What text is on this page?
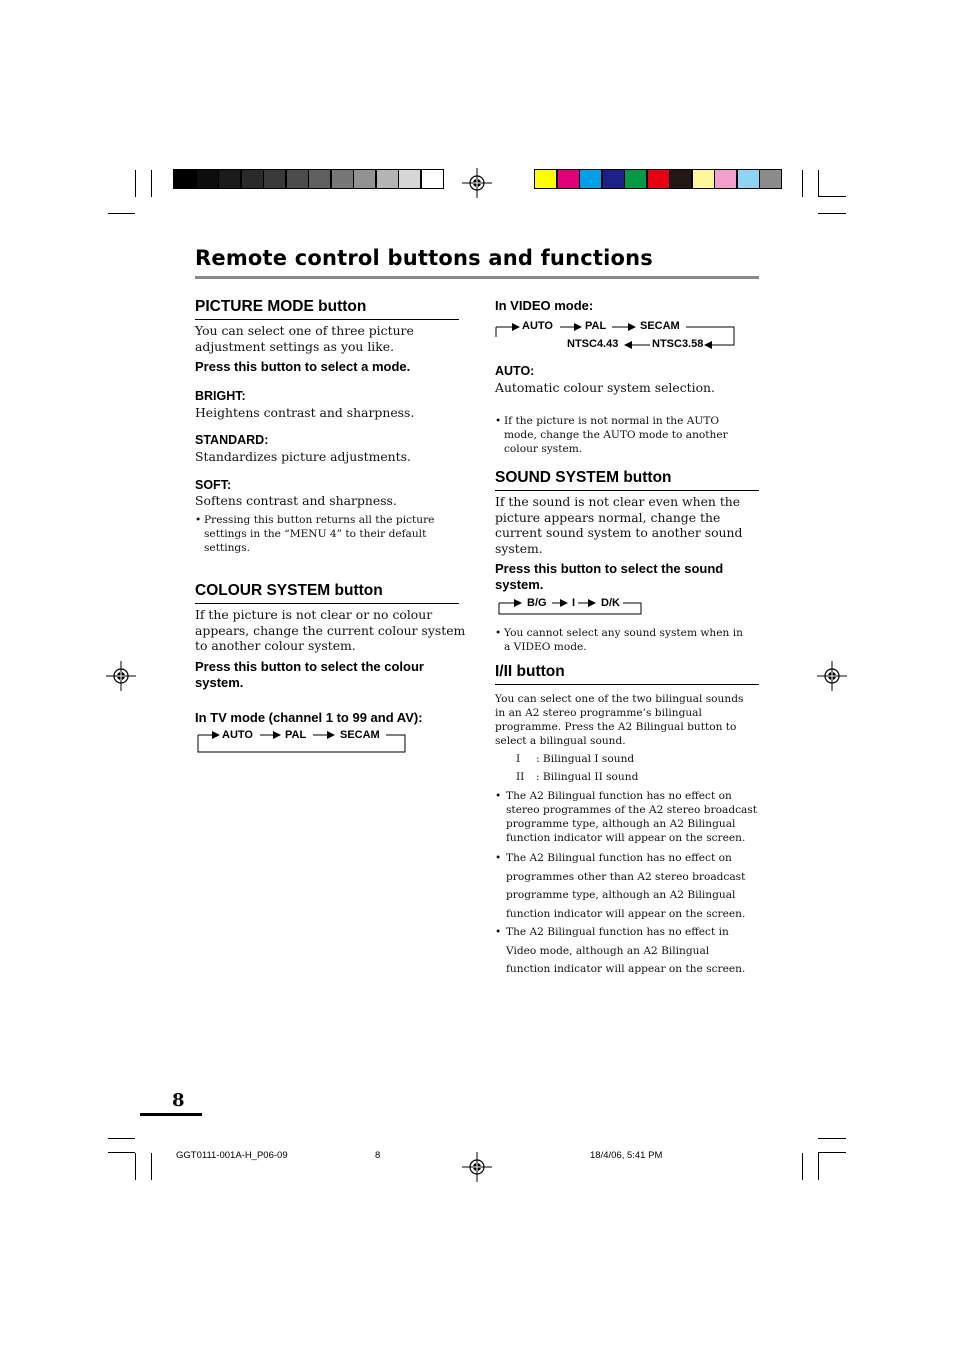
Remote control buttons and functions
PICTURE MODE button
You can select one of three picture
adjustment settings as you like.
Press this button to select a mode.
BRIGHT:
Heightens contrast and sharpness.
STANDARD:
Standardizes picture adjustments.
SOFT:
Softens contrast and sharpness.
• Pressing this button returns all the picture
settings in the “MENU 4” to their default
settings.
COLOUR SYSTEM button
If the picture is not clear or no colour
appears, change the current colour system
to another colour system.
Press this button to select the colour
system.
In TV mode (channel 1 to 99 and AV):
AUTO	PAL	SECAM
In VIDEO mode:
AUTO	PAL	SECAM
NTSC4.43	NTSC3.58
AUTO:
Automatic colour system selection.
• If the picture is not normal in the AUTO
mode, change the AUTO mode to another
colour system.
SOUND SYSTEM button
If the sound is not clear even when the
picture appears normal, change the
current sound system to another sound
system.
Press this button to select the sound
system.
B/G I D/K
• You cannot select any sound system when in
a VIDEO mode.
I/II button
You can select one of the two bilingual sounds
in an A2 stereo programme’s bilingual
programme. Press the A2 Bilingual button to
select a bilingual sound.
I : Bilingual I sound
II : Bilingual II sound
• The A2 Bilingual function has no effect on
stereo programmes of the A2 stereo broadcast
programme type, although an A2 Bilingual
function indicator will appear on the screen.
• The A2 Bilingual function has no effect on
programmes other than A2 stereo broadcast
programme type, although an A2 Bilingual
function indicator will appear on the screen.
• The A2 Bilingual function has no effect in
Video mode, although an A2 Bilingual
function indicator will appear on the screen.
8
GGT0111-001A-H_P06-09	8	18/4/06, 5:41 PM
